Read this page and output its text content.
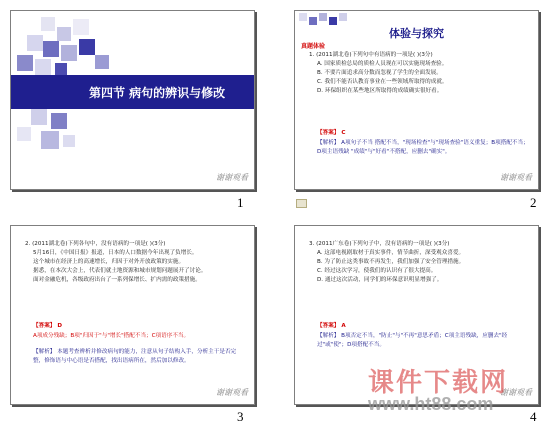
第四节 病句的辨识与修改
谢谢观看
1
体验与探究
真题体验
1. (2011湖北卷)下列句中有语病的一项是( )(3分)
A. 国家质检总局的质检人员现在可以实施现场查验。
B. 不要片面追求高分数而忽视了学生的全面发展。
C. 我们不能否认教育事业在一些领域所取得的成就。
D. 环保组织在某些地区所取得的成绩确实很好看。
【答案】 C
【解析】 A项句子不当 搭配不当，"现场检查"与"现场查验"语义重复；B项搭配不当；D项主语残缺 "成绩"与"好看"不搭配，应删去"确实"。
谢谢观看
2
2. (2011湖北卷)下列各句中，没有语病的一项是( )(3分)
5月16日，《中国日报》报道，日本的人口数据今年出现了负增长。
这个城市在经济上的高速增长，归因于对外开放政策的实施。
据悉，在本次大会上，代表们就土地资源和城市规划问题展开了讨论。
面对金融危机，各级政府出台了一系列保增长、扩内需的政策措施。
【答案】 D
A项成分残缺；B项"归因于"与"增长"搭配不当；C项语序不当。
【解析】 本题考查辨析并修改病句的能力，注意从句子结构入手，分析主干是否完整，修饰语与中心语是否搭配，找出语病所在，然后加以修改。
谢谢观看
3
3. (2011广东卷)下列句子中，没有语病的一项是( )(3分)
A. 这部电视剧取材于真实事件，情节曲折，深受观众喜爱。
B. 为了防止这类事故不再发生，我们加强了安全管理措施。
C. 经过这次学习，使我们的认识有了很大提高。
D. 通过这次活动，同学们的环保意识明显增强了。
【答案】 A
【解析】 B项否定不当，"防止"与"不再"意思矛盾；C项主语残缺，应删去"经过"或"使"；D项搭配不当。
谢谢观看
4
课件下载网
www.ht88.com
